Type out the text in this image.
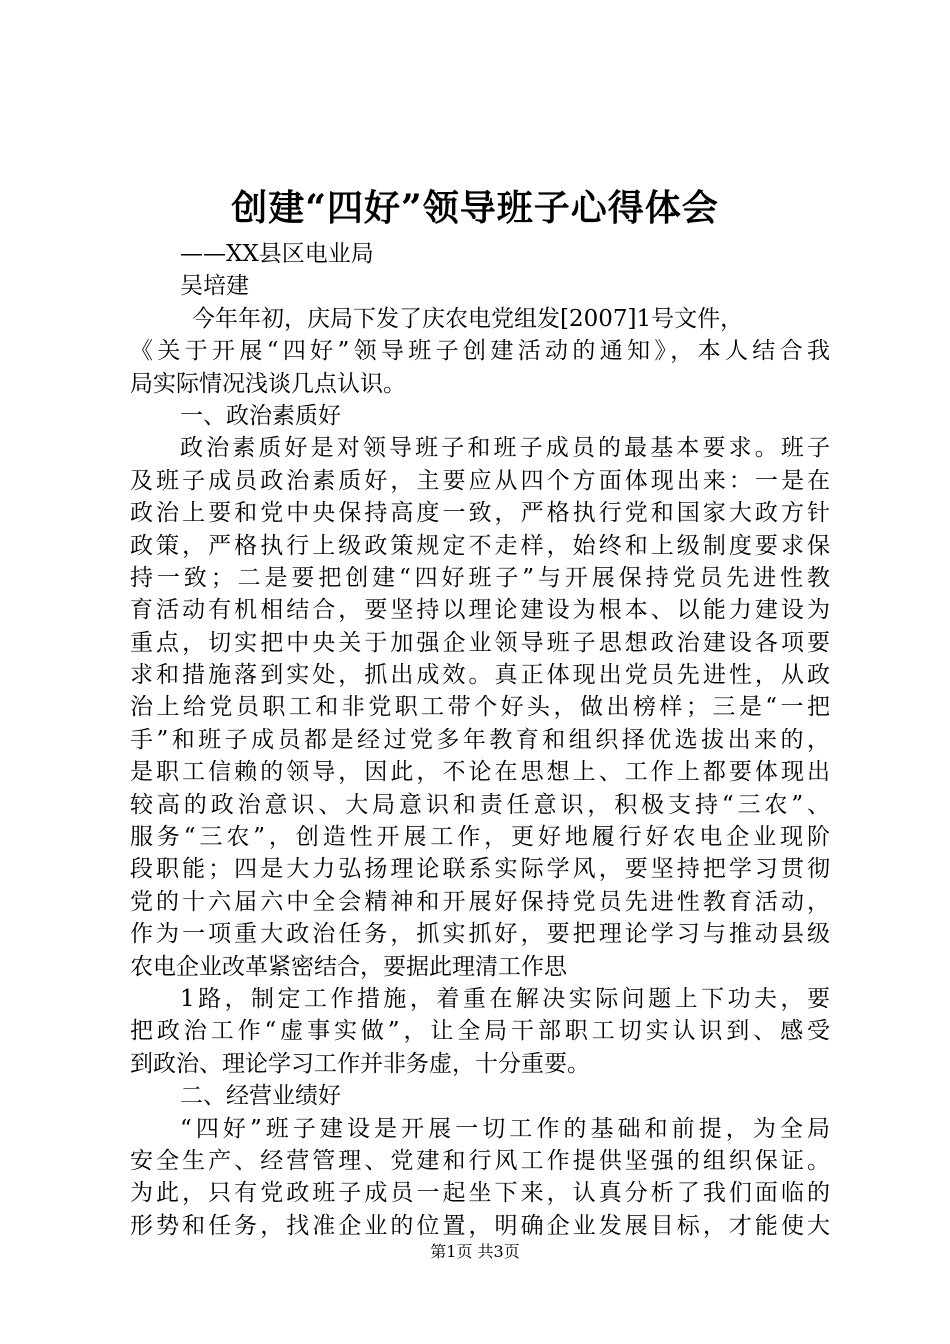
创建“四好”领导班子心得体会
——XX县区电业局
吴培建
今年年初，庆局下发了庆农电党组发[2007]1号文件，
《关于开展“四好”领导班子创建活动的通知》，本人结合我
局实际情况浅谈几点认识。
一、政治素质好
政治素质好是对领导班子和班子成员的最基本要求。班子
及班子成员政治素质好，主要应从四个方面体现出来：一是在
政治上要和党中央保持高度一致，严格执行党和国家大政方针
政策，严格执行上级政策规定不走样，始终和上级制度要求保
持一致；二是要把创建“四好班子”与开展保持党员先进性教
育活动有机相结合，要坚持以理论建设为根本、以能力建设为
重点，切实把中央关于加强企业领导班子思想政治建设各项要
求和措施落到实处，抓出成效。真正体现出党员先进性，从政
治上给党员职工和非党职工带个好头，做出榜样；三是“一把
手”和班子成员都是经过党多年教育和组织择优选拔出来的，
是职工信赖的领导，因此，不论在思想上、工作上都要体现出
较高的政治意识、大局意识和责任意识，积极支持“三农”、
服务“三农”，创造性开展工作，更好地履行好农电企业现阶
段职能；四是大力弘扬理论联系实际学风，要坚持把学习贯彻
党的十六届六中全会精神和开展好保持党员先进性教育活动，
作为一项重大政治任务，抓实抓好，要把理论学习与推动县级
农电企业改革紧密结合，要据此理清工作思
1路，制定工作措施，着重在解决实际问题上下功夫，要
把政治工作“虚事实做”，让全局干部职工切实认识到、感受
到政治、理论学习工作并非务虚，十分重要。
二、经营业绩好
“四好”班子建设是开展一切工作的基础和前提，为全局
安全生产、经营管理、党建和行风工作提供坚强的组织保证。
为此，只有党政班子成员一起坐下来，认真分析了我们面临的
形势和任务，找准企业的位置，明确企业发展目标，才能使大
第1页 共3页
